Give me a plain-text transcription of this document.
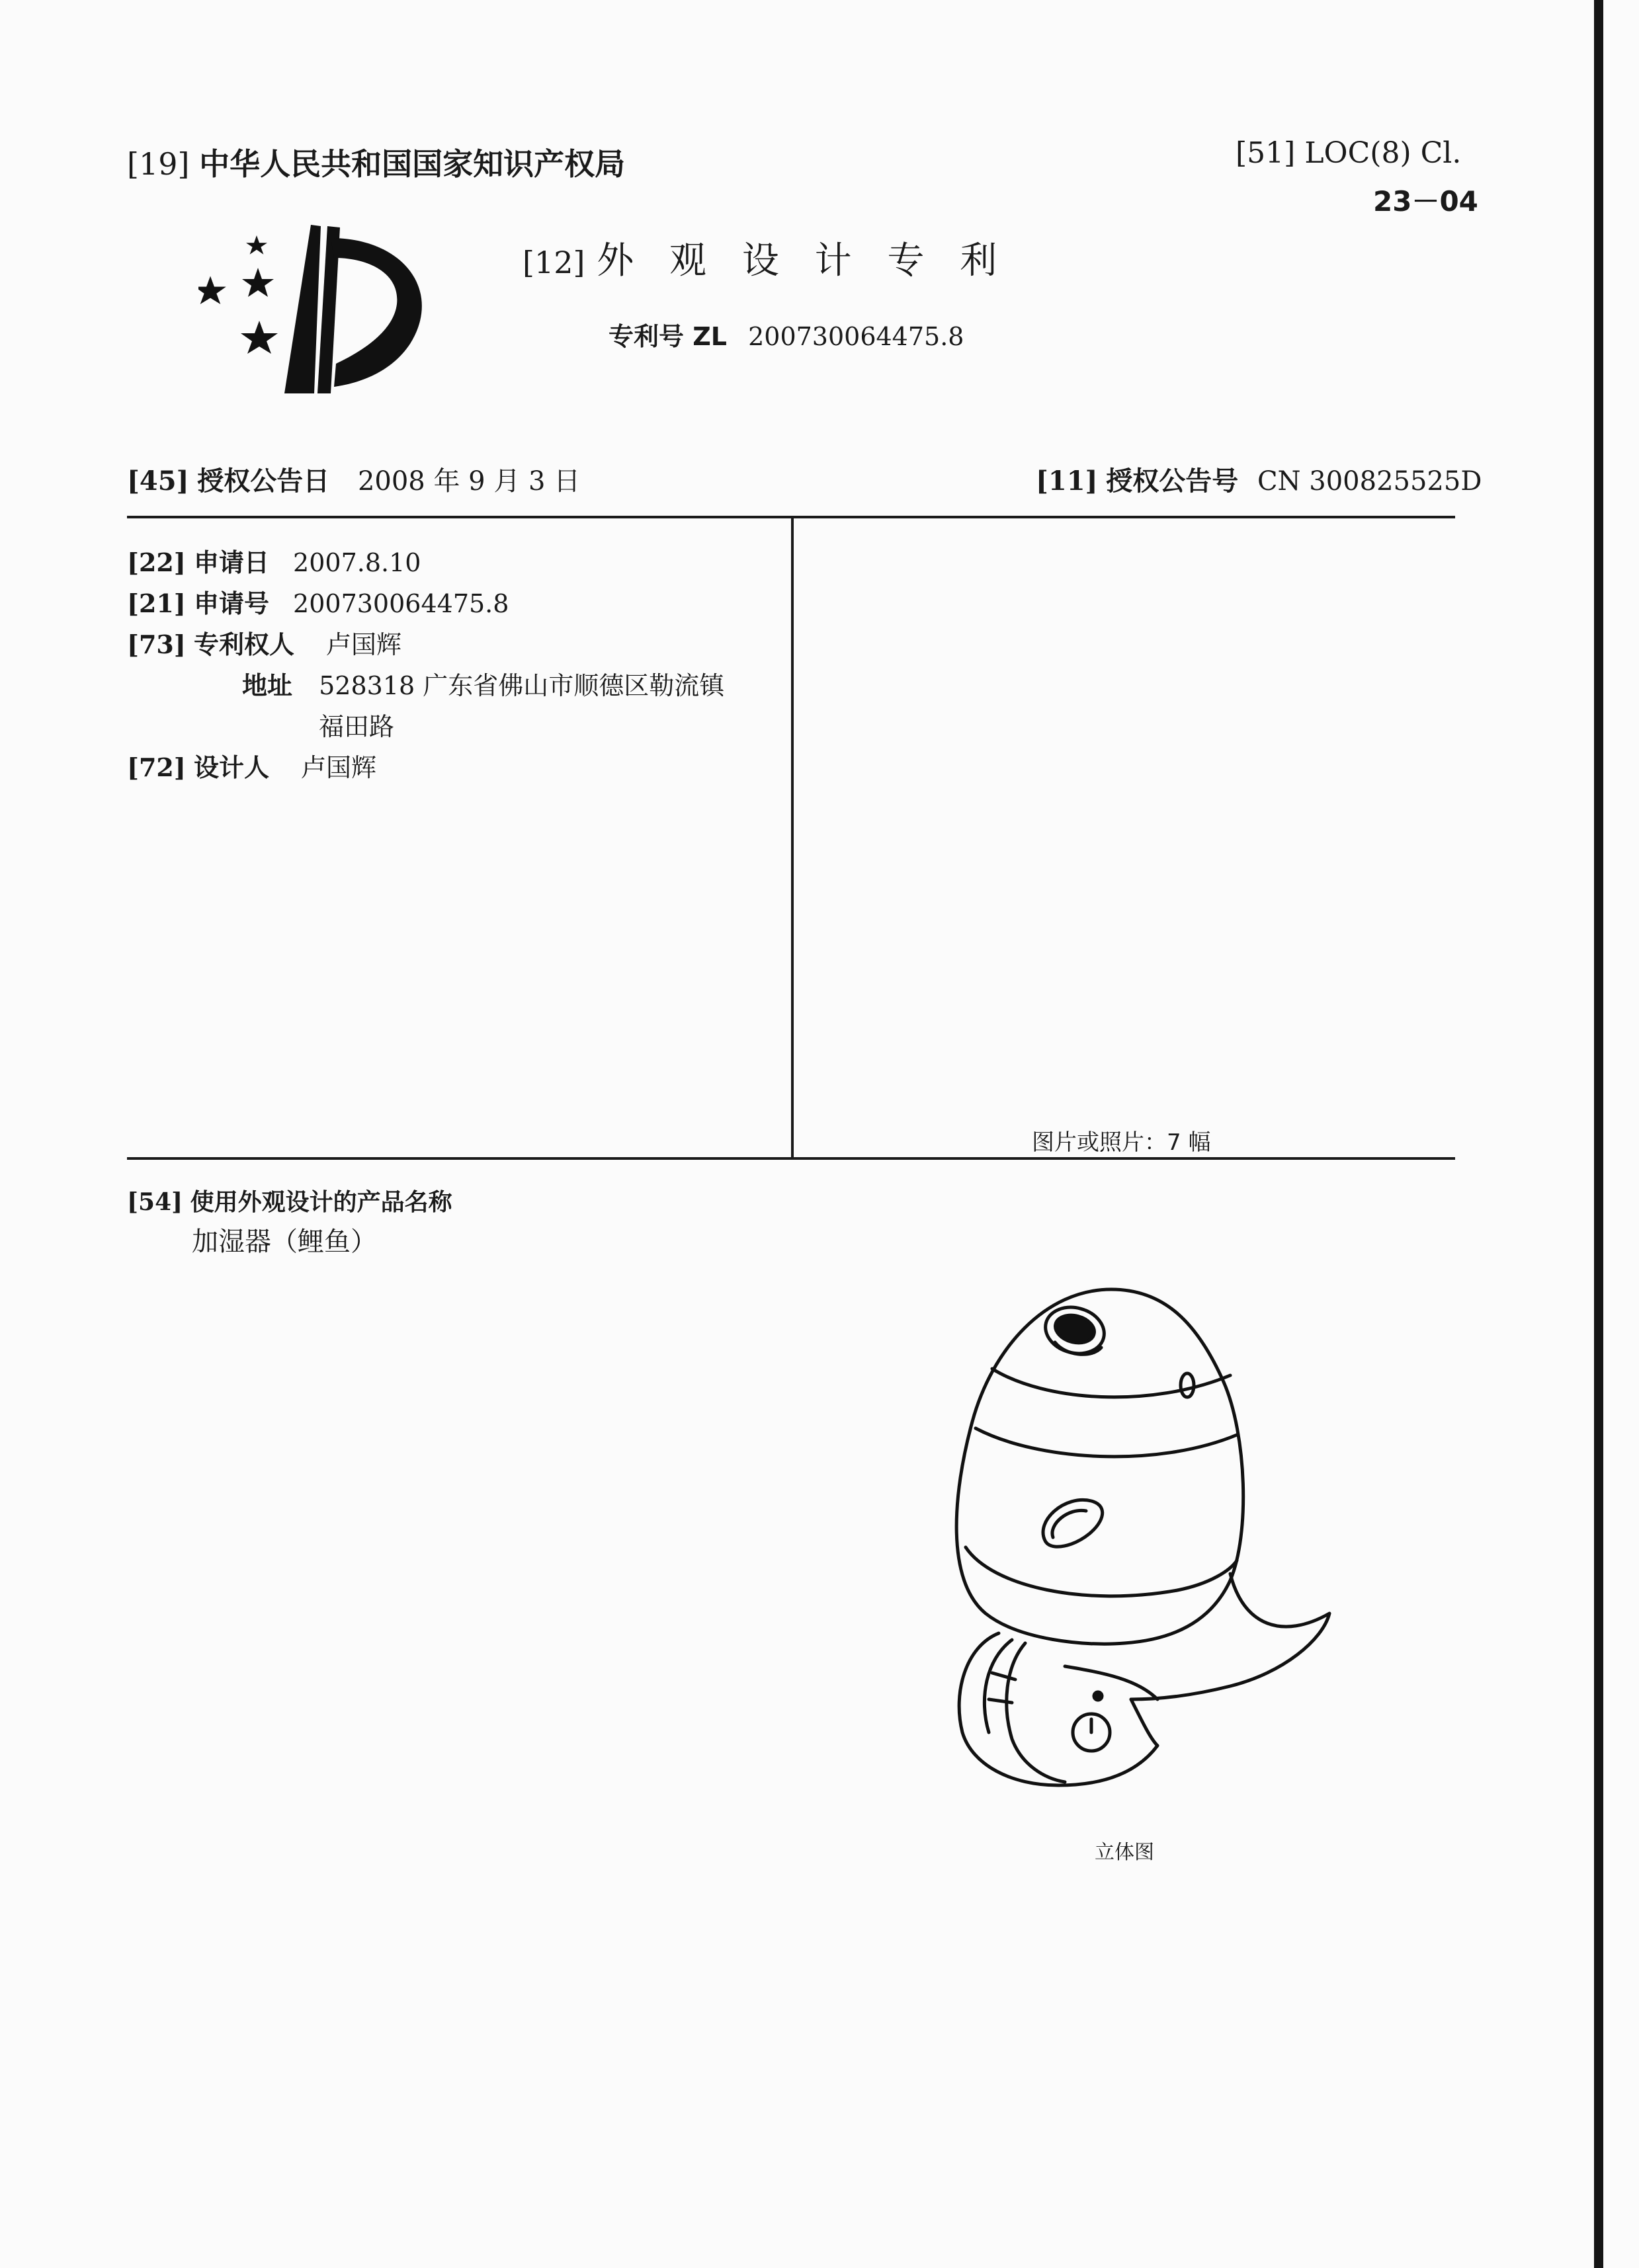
[19] 中华人民共和国国家知识产权局	[51] LOC(8) Cl.
23－04
[12] 外 观 设 计 专 利
专利号 ZL 200730064475.8
[45] 授权公告日 2008 年 9 月 3 日	[11] 授权公告号 CN 300825525D
[22] 申请日 2007.8.10
[21] 申请号 200730064475.8
[73] 专利权人 卢国辉
地址 528318 广东省佛山市顺德区勒流镇
福田路
[72] 设计人 卢国辉
图片或照片：7 幅
[54] 使用外观设计的产品名称
加湿器（鲤鱼）
立体图
